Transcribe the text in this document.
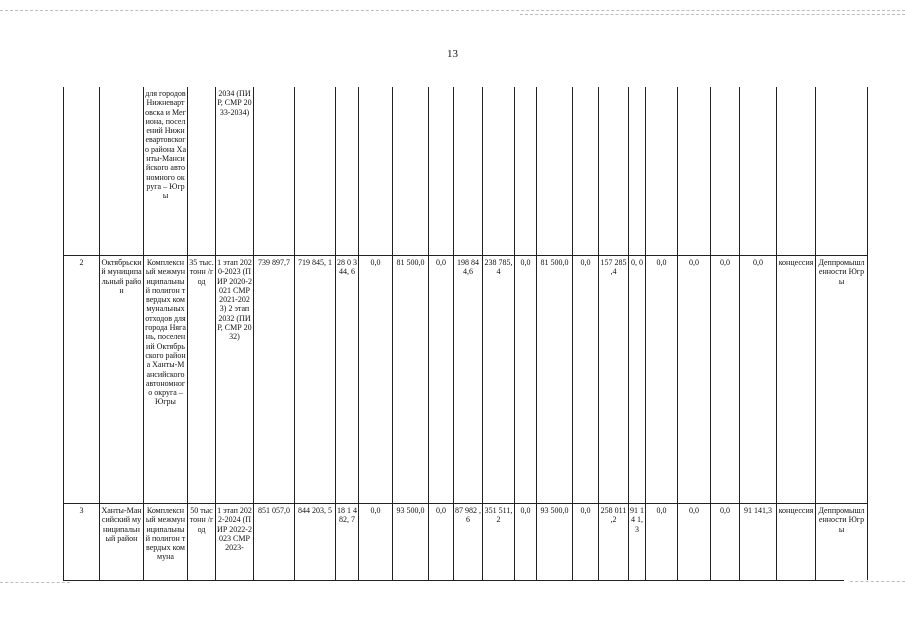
13
		для городов Нижневартовска и Мегиона, поселений Нижневартовского района Ханты-Мансийского автономного округа – Югры		2034 (ПИР, СМР 2033-2034)																			
2	Октябрьский муниципальный район	Комплексный межмуниципальный полигон твердых коммунальных отходов для города Нягань, поселений Октябрьского района Ханты-Мансийского автономного округа – Югры	35 тыс. тонн /год	1 этап 2020-2023 (ПИР 2020-2021 СМР 2021-2023) 2 этап 2032 (ПИР, СМР 2032)	739 897,7	719 845, 1	28 0 3 44, 6	0,0	81 500,0	0,0	198 84 4,6	238 785, 4	0,0	81 500,0	0,0	157 285 ,4	0, 0	0,0	0,0	0,0	0,0	концессия	Деппромышленности Югры
3	Ханты-Мансийский муниципальный район	Комплексный межмуниципальный полигон твердых коммуна	50 тыс тонн /год	1 этап 2022-2024 (ПИР 2022-2023 СМР 2023-	851 057,0	844 203, 5	18 1 4 82, 7	0,0	93 500,0	0,0	87 982 ,6	351 511, 2	0,0	93 500,0	0,0	258 011 ,2	91 14 1, 3	0,0	0,0	0,0	91 141,3	концессия	Деппромышленности Югры
